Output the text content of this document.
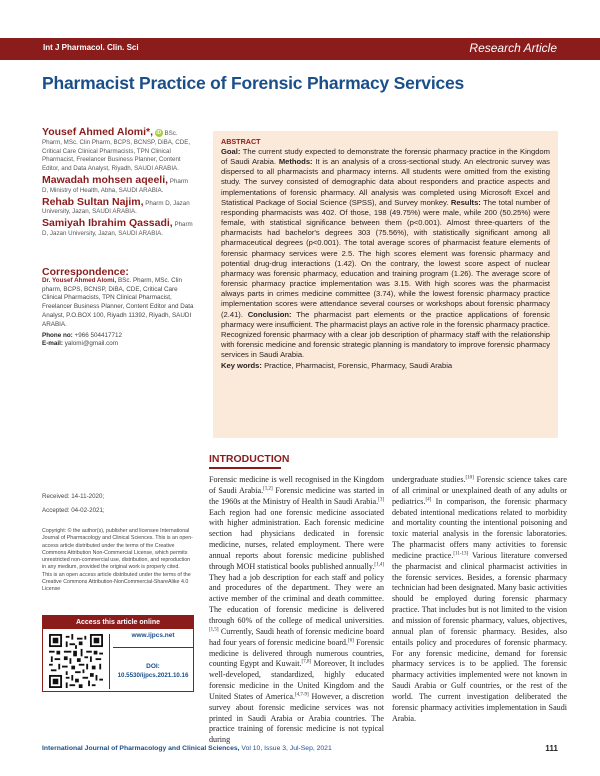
Int J Pharmacol. Clin. Sci	Research Article
Pharmacist Practice of Forensic Pharmacy Services
Yousef Ahmed Alomi*, iD BSc. Pharm, MSc. Clin Pharm, BCPS, BCNSP, DiBA, CDE, Critical Care Clinical Pharmacists, TPN Clinical Pharmacist, Freelancer Business Planner, Content Editor, and Data Analyst, Riyadh, SAUDI ARABIA.
Mawadah mohsen aqeeli, Pharm D, Ministry of Health, Abha, SAUDI ARABIA.
Rehab Sultan Najim, Pharm D, Jazan University, Jazan, SAUDI ARABIA.
Samiyah Ibrahim Qassadi, Pharm D, Jazan University, Jazan, SAUDI ARABIA.
Correspondence:
Dr. Yousef Ahmed Alomi, BSc. Pharm, MSc. Clin pharm, BCPS, BCNSP, DiBA, CDE, Critical Care Clinical Pharmacists, TPN Clinical Pharmacist, Freelancer Business Planner, Content Editor and Data Analyst, P.O.BOX 100, Riyadh 11392, Riyadh, SAUDI ARABIA.
Phone no: +966 504417712
E-mail: yalomi@gmail.com
ABSTRACT
Goal: The current study expected to demonstrate the forensic pharmacy practice in the Kingdom of Saudi Arabia. Methods: It is an analysis of a cross-sectional study. An electronic survey was dispersed to all pharmacists and pharmacy interns. All students were omitted from the existing study. The survey consisted of demographic data about responders and practice aspects and implementations of forensic pharmacy. All analysis was completed using Microsoft Excel and Statistical Package of Social Science (SPSS), and Survey monkey. Results: The total number of responding pharmacists was 402. Of those, 198 (49.75%) were male, while 200 (50.25%) were female, with statistical significance between them (p<0.001). Almost three-quarters of the pharmacists had bachelor's degrees 303 (75.56%), with statistically significant among all pharmaceutical degrees (p<0.001). The total average scores of pharmacist feature elements of forensic pharmacy services were 2.5. The high scores element was forensic pharmacy and potential drug-drug interactions (1.42). On the contrary, the lowest score aspect of nuclear pharmacy was forensic pharmacy, education and training program (1.26). The average score of forensic pharmacy practice implementation was 3.15. With high scores was the pharmacist always parts in crimes medicine committee (3.74), while the lowest forensic pharmacy practice implementation scores were attendance several courses or workshops about forensic pharmacy (2.41). Conclusion: The pharmacist part elements or the practice applications of forensic pharmacy were insufficient. The pharmacist plays an active role in the forensic pharmacy practice. Recognized forensic pharmacy with a clear job description of pharmacy staff with the relationship with forensic medicine and forensic strategic planning is mandatory to improve forensic pharmacy services in Saudi Arabia.
Key words: Practice, Pharmacist, Forensic, Pharmacy, Saudi Arabia
INTRODUCTION
Forensic medicine is well recognised in the Kingdom of Saudi Arabia.[1,2] Forensic medicine was started in the 1960s at the Ministry of Health in Saudi Arabia.[3] Each region had one forensic medicine associated with higher administration. Each forensic medicine section had physicians dedicated in forensic medicine, nurses, related employment. There were annual reports about forensic medicine published through MOH statistical books published annually.[1,4] They had a job description for each staff and policy and procedures of the department. They were an active member of the criminal and death committee. The education of forensic medicine is delivered through 60% of the college of medical universities.[1,5] Currently, Saudi heath of forensic medicine board had four years of forensic medicine board.[6] Forensic medicine is delivered through numerous countries, counting Egypt and Kuwait.[7,8] Moreover, It includes well-developed, standardized, highly educated forensic medicine in the United Kingdom and the United States of America.[4,7-9] However, a discretion survey about forensic medicine services was not printed in Saudi Arabia or Arabia countries. The practice training of forensic medicine is not typical during
undergraduate studies.[10] Forensic science takes care of all criminal or unexplained death of any adults or pediatrics.[4] In comparison, the forensic pharmacy debated intentional medications related to morbidity and mortality counting the intentional poisoning and toxic material analysis in the forensic laboratories. The pharmacist offers many activities to forensic medicine practice.[11-13] Various literature conversed the pharmacist and clinical pharmacist activities in the forensic services. Besides, a forensic pharmacy technician had been designated. Many basic activities should be employed during forensic pharmacy practice. That includes but is not limited to the vision and mission of forensic pharmacy, values, objectives, annual plan of forensic pharmacy. Besides, also entails policy and procedures of forensic pharmacy. For any forensic medicine, demand for forensic pharmacy services is to be applied. The forensic pharmacy activities implemented were not known in Saudi Arabia or Gulf countries, or the rest of the world. The current investigation deliberated the forensic pharmacy activities implementation in Saudi Arabia.
Received: 14-11-2020;
Accepted: 04-02-2021;
Copyright: © the author(s), publisher and licensee International Journal of Pharmacology and Clinical Sciences. This is an open-access article distributed under the terms of the Creative Commons Attribution Non-Commercial License, which permits unrestricted non-commercial use, distribution, and reproduction in any medium, provided the original work is properly cited.
This is an open access article distributed under the terms of the Creative Commons Attribution-NonCommercial-ShareAlike 4.0 License
Access this article online
www.ijpcs.net
DOI:
10.5530/ijpcs.2021.10.16
International Journal of Pharmacology and Clinical Sciences, Vol 10, Issue 3, Jul-Sep, 2021	111
